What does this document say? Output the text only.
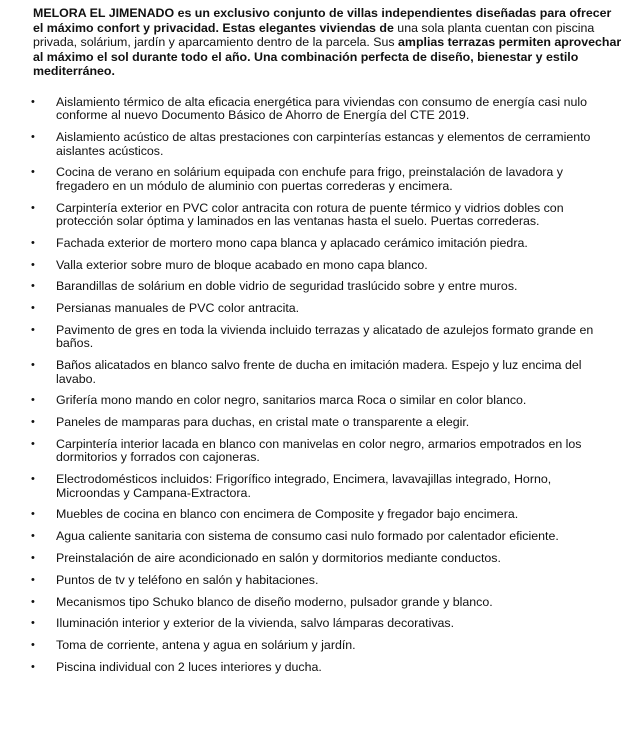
MELORA EL JIMENADO es un exclusivo conjunto de villas independientes diseñadas para ofrecer el máximo confort y privacidad. Estas elegantes viviendas de una sola planta cuentan con piscina privada, solárium, jardín y aparcamiento dentro de la parcela. Sus amplias terrazas permiten aprovechar al máximo el sol durante todo el año. Una combinación perfecta de diseño, bienestar y estilo mediterráneo.

• Aislamiento térmico de alta eficacia energética para viviendas con consumo de energía casi nulo conforme al nuevo Documento Básico de Ahorro de Energía del CTE 2019.
• Aislamiento acústico de altas prestaciones con carpinterías estancas y elementos de cerramiento aislantes acústicos.
• Cocina de verano en solárium equipada con enchufe para frigo, preinstalación de lavadora y fregadero en un módulo de aluminio con puertas correderas y encimera.
• Carpintería exterior en PVC color antracita con rotura de puente térmico y vidrios dobles con protección solar óptima y laminados en las ventanas hasta el suelo. Puertas correderas.
• Fachada exterior de mortero mono capa blanca y aplacado cerámico imitación piedra.
• Valla exterior sobre muro de bloque acabado en mono capa blanco.
• Barandillas de solárium en doble vidrio de seguridad traslúcido sobre y entre muros.
• Persianas manuales de PVC color antracita.
• Pavimento de gres en toda la vivienda incluido terrazas y alicatado de azulejos formato grande en baños.
• Baños alicatados en blanco salvo frente de ducha en imitación madera. Espejo y luz encima del lavabo.
• Grifería mono mando en color negro, sanitarios marca Roca o similar en color blanco.
• Paneles de mamparas para duchas, en cristal mate o transparente a elegir.
• Carpintería interior lacada en blanco con manivelas en color negro, armarios empotrados en los dormitorios y forrados con cajoneras.
• Electrodomésticos incluidos: Frigorífico integrado, Encimera, lavavajillas integrado, Horno, Microondas y Campana-Extractora.
• Muebles de cocina en blanco con encimera de Composite y fregador bajo encimera.
• Agua caliente sanitaria con sistema de consumo casi nulo formado por calentador eficiente.
• Preinstalación de aire acondicionado en salón y dormitorios mediante conductos.
• Puntos de tv y teléfono en salón y habitaciones.
• Mecanismos tipo Schuko blanco de diseño moderno, pulsador grande y blanco.
• Iluminación interior y exterior de la vivienda, salvo lámparas decorativas.
• Toma de corriente, antena y agua en solárium y jardín.
• Piscina individual con 2 luces interiores y ducha.
